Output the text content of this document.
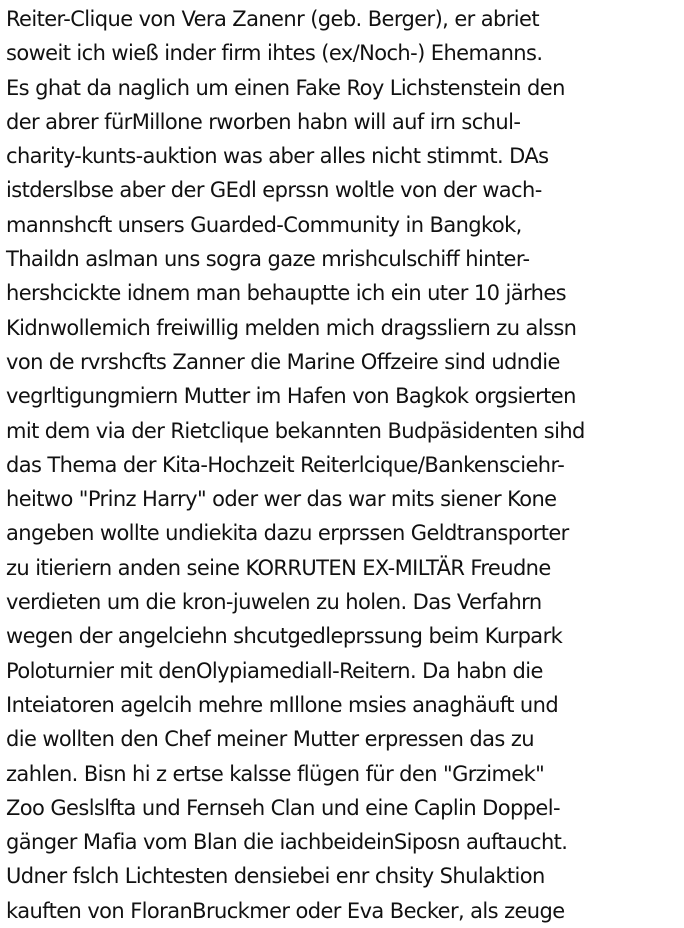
Reiter-Clique von Vera Zanenr (geb. Berger), er abriet
soweit ich wieß inder firm ihtes (ex/Noch-) Ehemanns.
Es ghat da naglich um einen Fake Roy Lichstenstein den
der abrer fürMillone rworben habn will auf irn schul-
charity-kunts-auktion was aber alles nicht stimmt. DAs
istderslbse aber der GEdl eprssn woltle von der wach-
mannshcft unsers Guarded-Community in Bangkok,
Thaildn aslman uns sogra gaze mrishculschiff hinter-
hershcickte idnem man behauptte ich ein uter 10 järhes
Kidnwollemich freiwillig melden mich dragssliern zu alssn
von de rvrshcfts Zanner die Marine Offzeire sind udndie
vegrltigungmiern Mutter im Hafen von Bagkok orgsierten
mit dem via der Rietclique bekannten Budpäsidenten sihd
das Thema der Kita-Hochzeit Reiterlcique/Bankensciehr-
heitwo "Prinz Harry" oder wer das war mits siener Kone
angeben wollte undiekita dazu erprssen Geldtransporter
zu itieriern anden seine KORRUTEN EX-MILTÄR Freudne
verdieten um die kron-juwelen zu holen. Das Verfahrn
wegen der angelciehn shcutgedleprssung beim Kurpark
Poloturnier mit denOlypiamediall-Reitern. Da habn die
Inteiatoren agelcih mehre mIllone msies anaghäuft und
die wollten den Chef meiner Mutter erpressen das zu
zahlen. Bisn hi z ertse kalsse flügen für den "Grzimek"
Zoo Geslslfta und Fernseh Clan und eine Caplin Doppel-
gänger Mafia vom Blan die iachbeideinSiposn auftaucht.
Udner fslch Lichtesten densiebei enr chsity Shulaktion
kauften von FloranBruckmer oder Eva Becker, als zeuge
